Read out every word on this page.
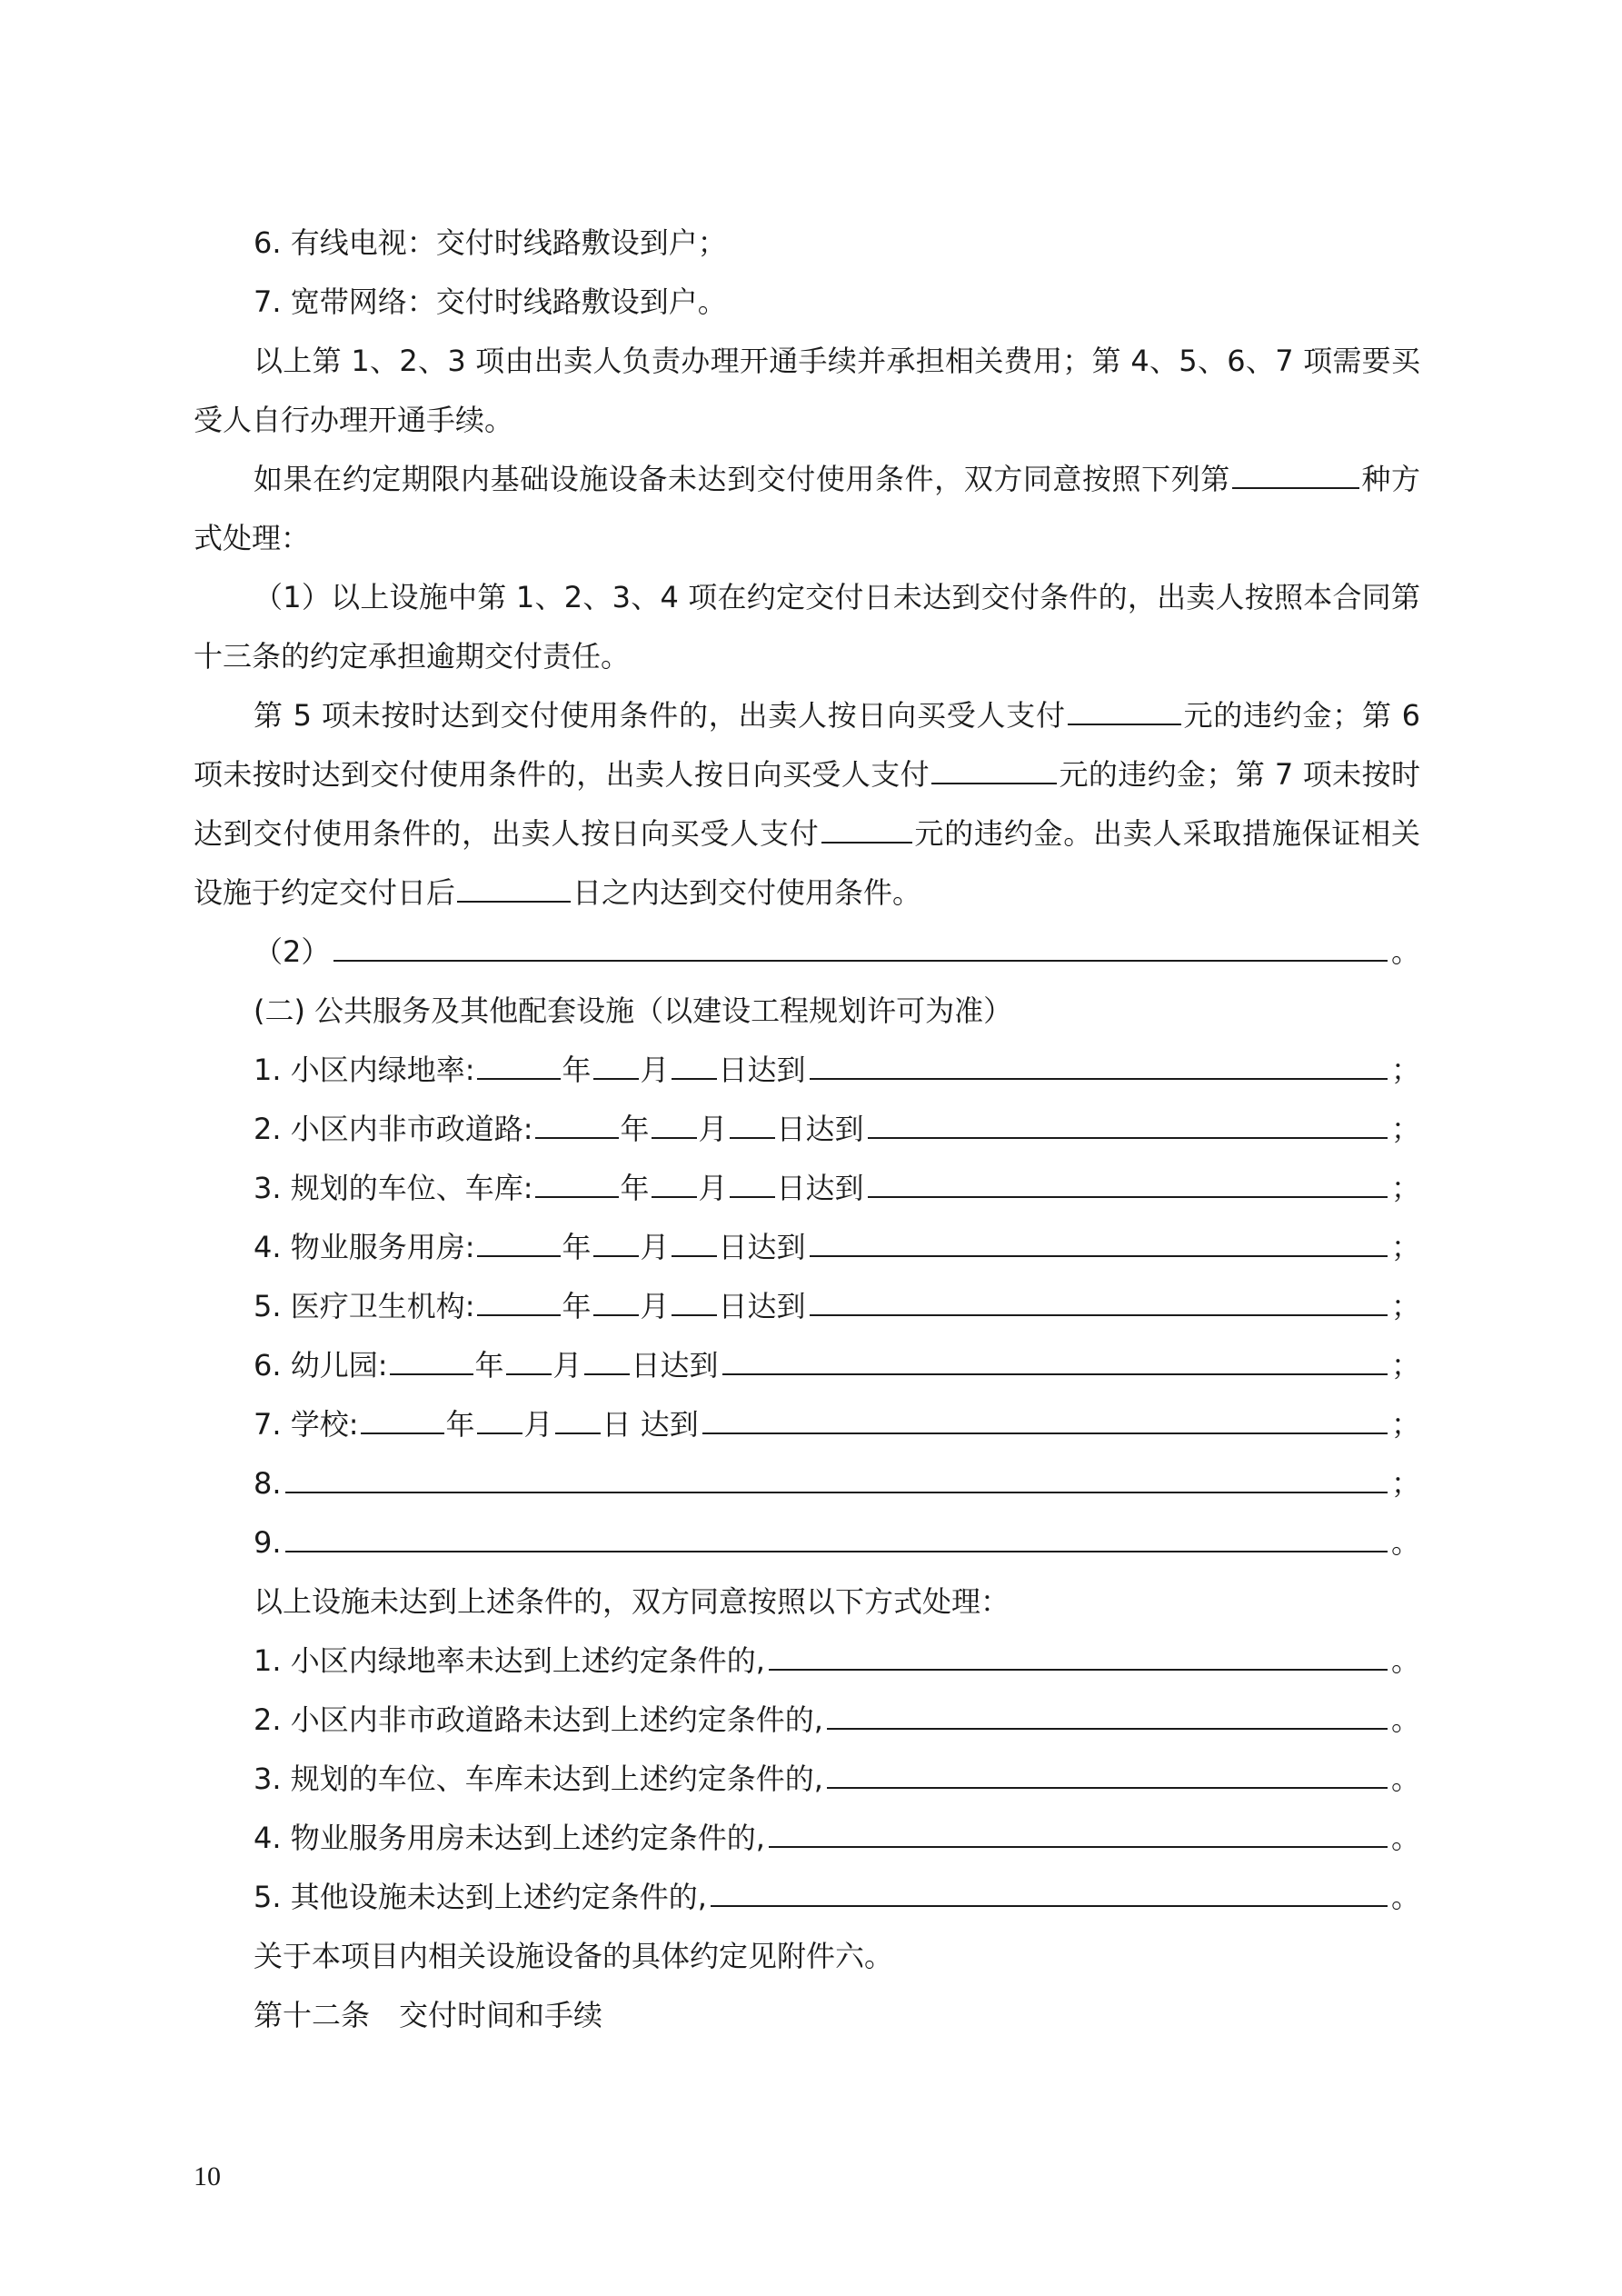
6. 有线电视：交付时线路敷设到户；

7. 宽带网络：交付时线路敷设到户。

以上第 1、2、3 项由出卖人负责办理开通手续并承担相关费用；第 4、5、6、7 项需要买受人自行办理开通手续。

如果在约定期限内基础设施设备未达到交付使用条件，双方同意按照下列第	种方式处理：

（1）以上设施中第 1、2、3、4 项在约定交付日未达到交付条件的，出卖人按照本合同第十三条的约定承担逾期交付责任。

第 5 项未按时达到交付使用条件的，出卖人按日向买受人支付	元的违约金；第 6 项未按时达到交付使用条件的，出卖人按日向买受人支付	元的违约金；第 7 项未按时达到交付使用条件的，出卖人按日向买受人支付	元的违约金。出卖人采取措施保证相关设施于约定交付日后	日之内达到交付使用条件。

（2）	。

(二) 公共服务及其他配套设施（以建设工程规划许可为准）

1. 小区内绿地率:	年 月 日达到	；
2. 小区内非市政道路:	年 月 日达到	；
3. 规划的车位、车库:	年 月 日达到	；
4. 物业服务用房:	年 月 日达到	；
5. 医疗卫生机构:	年 月 日达到	；
6. 幼儿园:	年 月 日达到	；
7. 学校:	年 月 日 达到	；
8.	；
9.	。

以上设施未达到上述条件的，双方同意按照以下方式处理：

1. 小区内绿地率未达到上述约定条件的,	。
2. 小区内非市政道路未达到上述约定条件的,	。
3. 规划的车位、车库未达到上述约定条件的,	。
4. 物业服务用房未达到上述约定条件的,	。
5. 其他设施未达到上述约定条件的,	。

关于本项目内相关设施设备的具体约定见附件六。

第十二条　交付时间和手续

10
